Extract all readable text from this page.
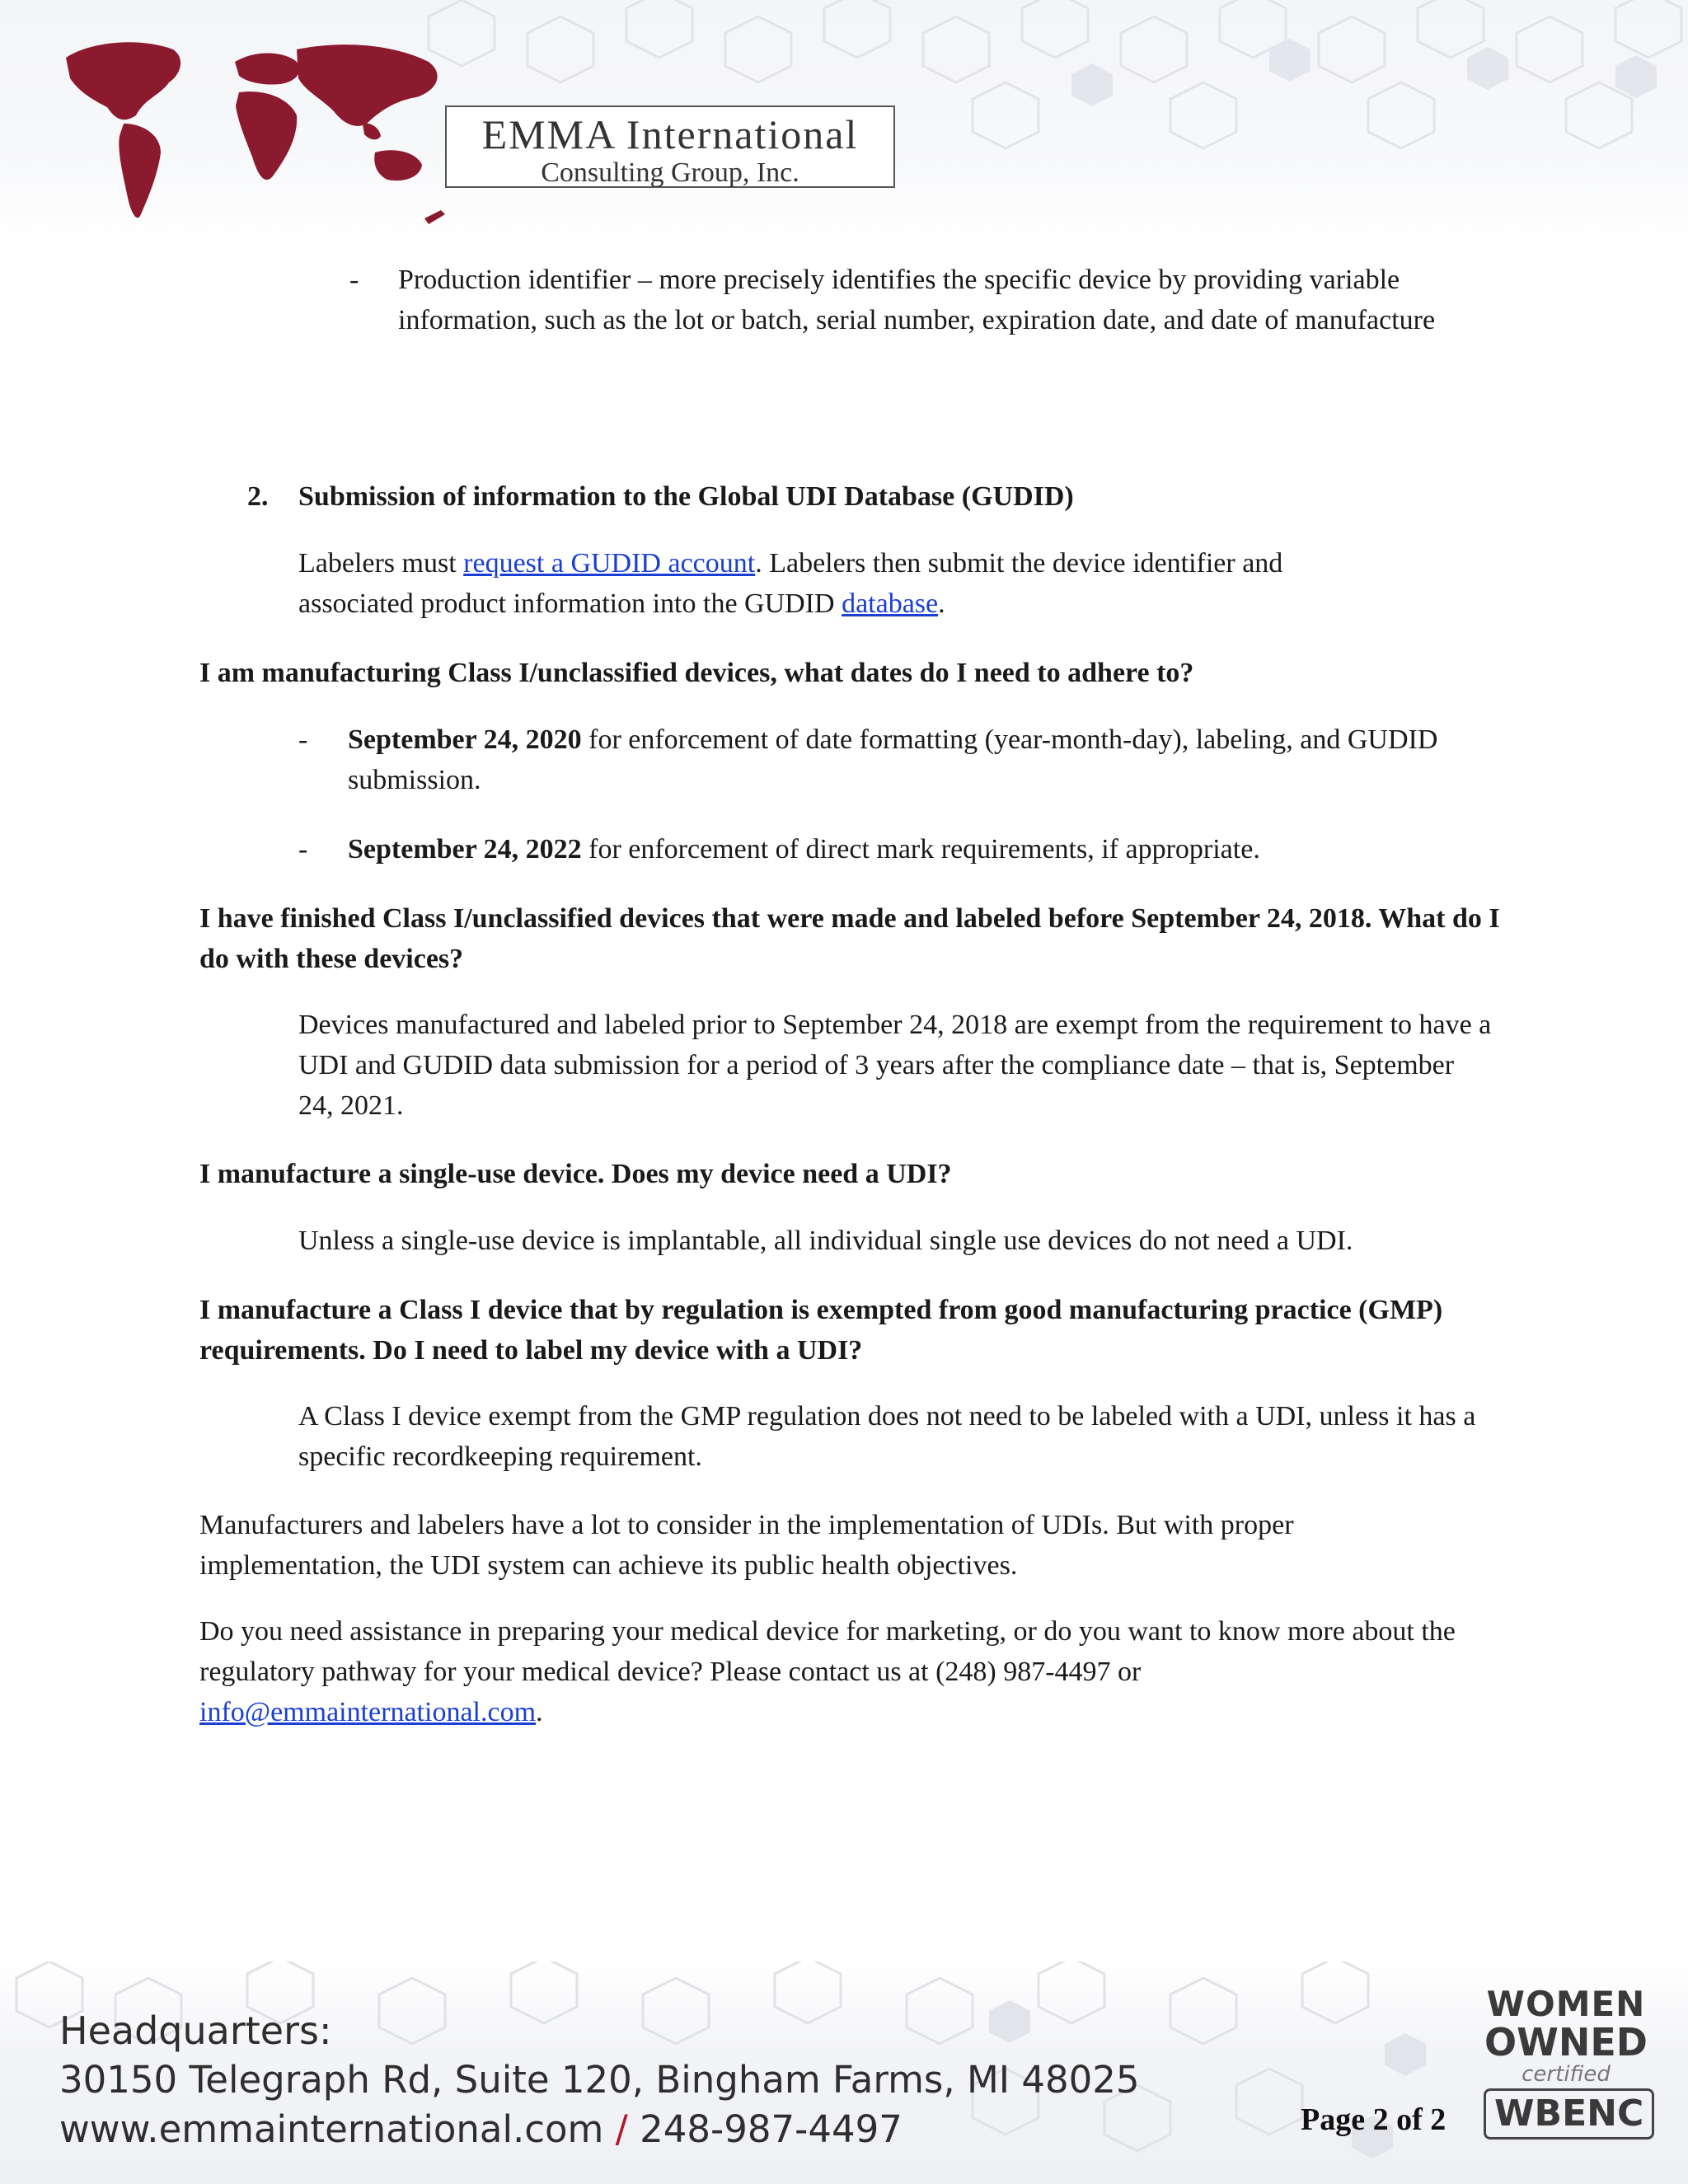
EMMA International
Consulting Group, Inc.
- Production identifier – more precisely identifies the specific device by providing variable information, such as the lot or batch, serial number, expiration date, and date of manufacture
2.	Submission of information to the Global UDI Database (GUDID)
Labelers must request a GUDID account. Labelers then submit the device identifier and associated product information into the GUDID database.
I am manufacturing Class I/unclassified devices, what dates do I need to adhere to?
- September 24, 2020 for enforcement of date formatting (year-month-day), labeling, and GUDID submission.
- September 24, 2022 for enforcement of direct mark requirements, if appropriate.
I have finished Class I/unclassified devices that were made and labeled before September 24, 2018. What do I do with these devices?
Devices manufactured and labeled prior to September 24, 2018 are exempt from the requirement to have a UDI and GUDID data submission for a period of 3 years after the compliance date – that is, September 24, 2021.
I manufacture a single-use device. Does my device need a UDI?
Unless a single-use device is implantable, all individual single use devices do not need a UDI.
I manufacture a Class I device that by regulation is exempted from good manufacturing practice (GMP) requirements. Do I need to label my device with a UDI?
A Class I device exempt from the GMP regulation does not need to be labeled with a UDI, unless it has a specific recordkeeping requirement.
Manufacturers and labelers have a lot to consider in the implementation of UDIs. But with proper implementation, the UDI system can achieve its public health objectives.
Do you need assistance in preparing your medical device for marketing, or do you want to know more about the regulatory pathway for your medical device? Please contact us at (248) 987-4497 or info@emmainternational.com.
Headquarters:
30150 Telegraph Rd, Suite 120, Bingham Farms, MI 48025
www.emmainternational.com / 248-987-4497	Page 2 of 2
WOMEN
OWNED
certified
WBENC
